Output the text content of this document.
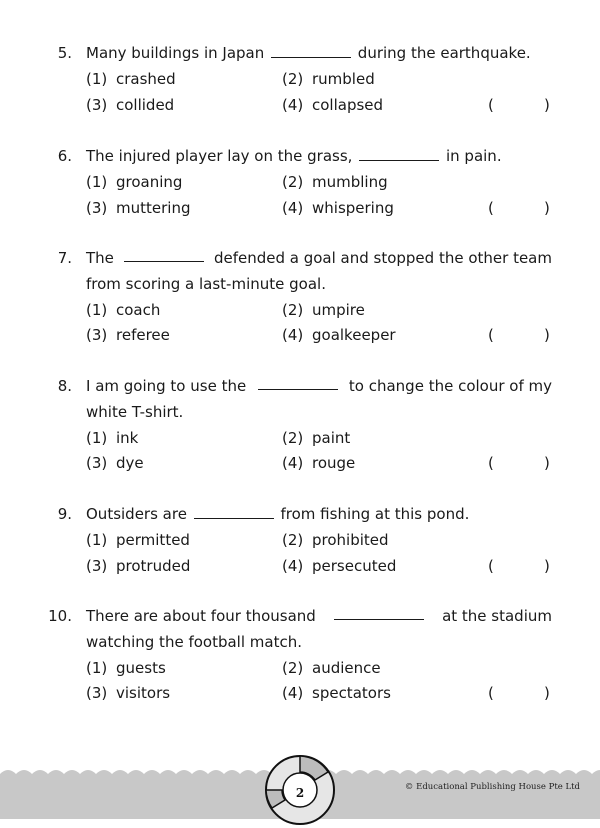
5. Many buildings in Japan	during the earthquake.
(1) crashed	(2) rumbled
(3) collided	(4) collapsed	(	)
6. The injured player lay on the grass,	in pain.
(1) groaning	(2) mumbling
(3) muttering	(4) whispering	(	)
7. The	defended a goal and stopped the other team
from scoring a last-minute goal.
(1) coach	(2) umpire
(3) referee	(4) goalkeeper	(	)
8. I am going to use the	to change the colour of my
white T-shirt.
(1) ink	(2) paint
(3) dye	(4) rouge	(	)
9. Outsiders are	from fishing at this pond.
(1) permitted	(2) prohibited
(3) protruded	(4) persecuted	(	)
10. There are about four thousand	at the stadium
watching the football match.
(1) guests	(2) audience
(3) visitors	(4) spectators	(	)
2	© Educational Publishing House Pte Ltd
